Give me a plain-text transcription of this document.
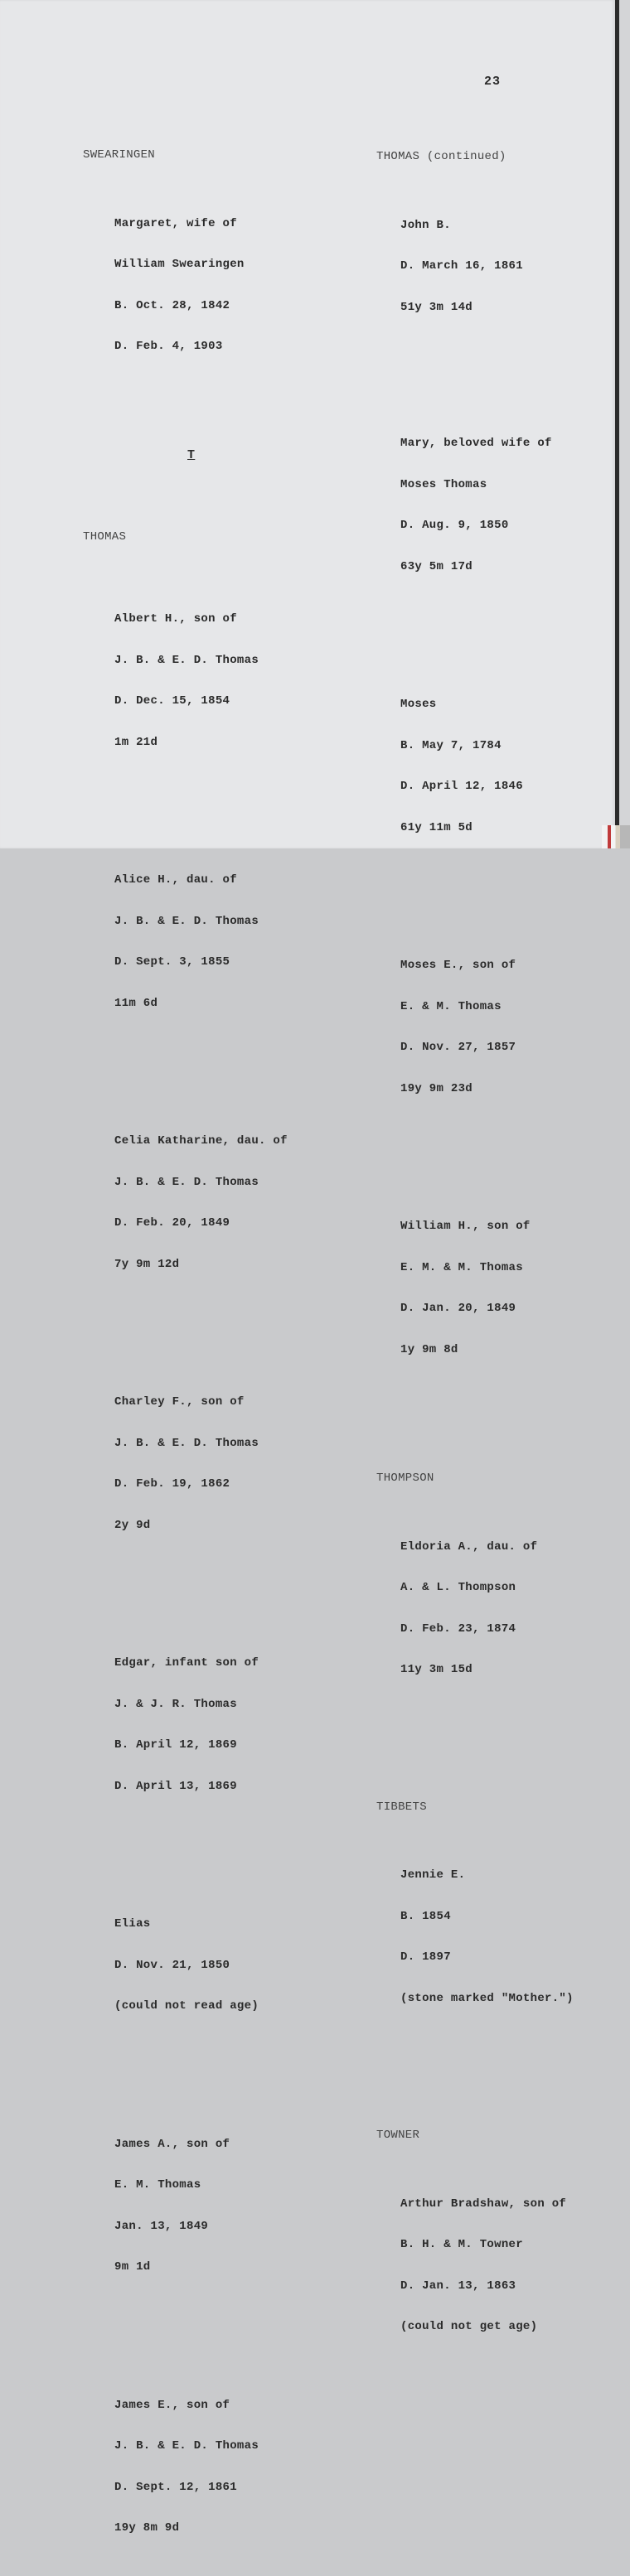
23

SWEARINGEN

Margaret, wife of

William Swearingen

B. Oct. 28, 1842

D. Feb. 4, 1903

T

THOMAS

Albert H., son of

J. B. & E. D. Thomas

D. Dec. 15, 1854

1m 21d

Alice H., dau. of

J. B. & E. D. Thomas

D. Sept. 3, 1855

11m 6d

Celia Katharine, dau. of

J. B. & E. D. Thomas

D. Feb. 20, 1849

7y 9m 12d

Charley F., son of

J. B. & E. D. Thomas

D. Feb. 19, 1862

2y 9d

Edgar, infant son of

J. & J. R. Thomas

B. April 12, 1869

D. April 13, 1869

Elias

D. Nov. 21, 1850

(could not read age)

James A., son of

E. M. Thomas

Jan. 13, 1849

9m 1d

James E., son of

J. B. & E. D. Thomas

D. Sept. 12, 1861

19y 8m 9d

THOMAS (continued)

John B.

D. March 16, 1861

51y 3m 14d

Mary, beloved wife of

Moses Thomas

D. Aug. 9, 1850

63y 5m 17d

Moses

B. May 7, 1784

D. April 12, 1846

61y 11m 5d

Moses E., son of

E. & M. Thomas

D. Nov. 27, 1857

19y 9m 23d

William H., son of

E. M. & M. Thomas

D. Jan. 20, 1849

1y 9m 8d

THOMPSON

Eldoria A., dau. of

A. & L. Thompson

D. Feb. 23, 1874

11y 3m 15d

TIBBETS

Jennie E.

B. 1854

D. 1897

(stone marked "Mother.")

TOWNER

Arthur Bradshaw, son of

B. H. & M. Towner

D. Jan. 13, 1863

(could not get age)
